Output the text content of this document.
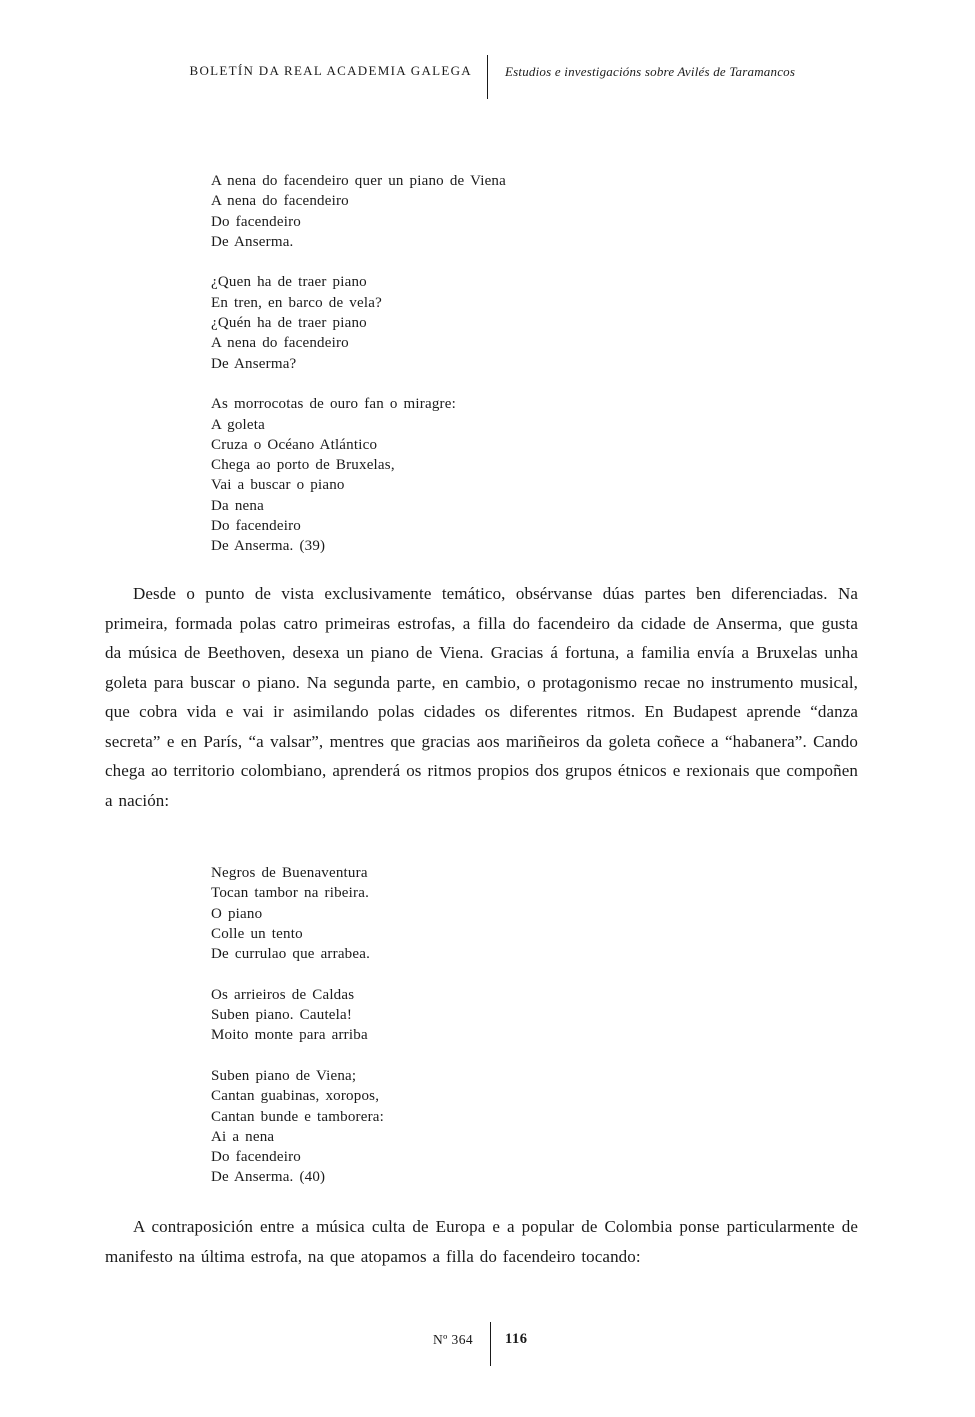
BOLETÍN DA REAL ACADEMIA GALEGA	Estudios e investigacións sobre Avilés de Taramancos
A nena do facendeiro quer un piano de Viena
A nena do facendeiro
Do facendeiro
De Anserma.
¿Quen ha de traer piano
En tren, en barco de vela?
¿Quén ha de traer piano
A nena do facendeiro
De Anserma?
As morrocotas de ouro fan o miragre:
A goleta
Cruza o Océano Atlántico
Chega ao porto de Bruxelas,
Vai a buscar o piano
Da nena
Do facendeiro
De Anserma. (39)

Desde o punto de vista exclusivamente temático, obsérvanse dúas partes ben diferenciadas. Na primeira, formada polas catro primeiras estrofas, a filla do facendeiro da cidade de Anserma, que gusta da música de Beethoven, desexa un piano de Viena. Gracias á fortuna, a familia envía a Bruxelas unha goleta para buscar o piano. Na segunda parte, en cambio, o protagonismo recae no instrumento musical, que cobra vida e vai ir asimilando polas cidades os diferentes ritmos. En Budapest aprende “danza secreta” e en París, “a valsar”, mentres que gracias aos mariñeiros da goleta coñece a “habanera”. Cando chega ao territorio colombiano, aprenderá os ritmos propios dos grupos étnicos e rexionais que compoñen a nación:

Negros de Buenaventura
Tocan tambor na ribeira.
O piano
Colle un tento
De currulao que arrabea.
Os arrieiros de Caldas
Suben piano. Cautela!
Moito monte para arriba
Suben piano de Viena;
Cantan guabinas, xoropos,
Cantan bunde e tamborera:
Ai a nena
Do facendeiro
De Anserma. (40)

A contraposición entre a música culta de Europa e a popular de Colombia ponse particularmente de manifesto na última estrofa, na que atopamos a filla do facendeiro tocando:

Nº 364 116
